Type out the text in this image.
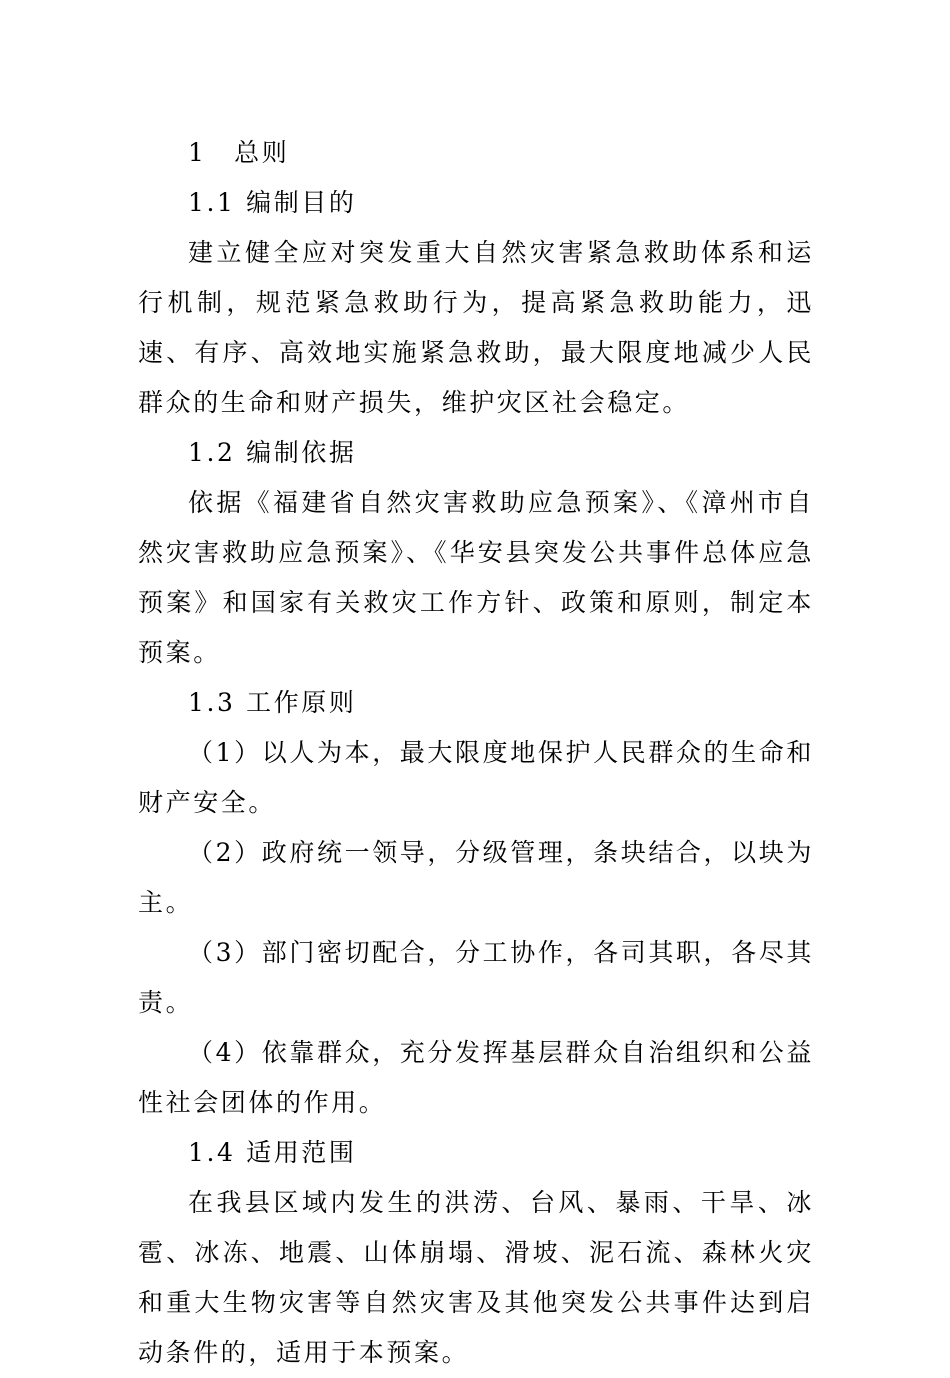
1　总则

1.1 编制目的

建立健全应对突发重大自然灾害紧急救助体系和运行机制，规范紧急救助行为，提高紧急救助能力，迅速、有序、高效地实施紧急救助，最大限度地减少人民群众的生命和财产损失，维护灾区社会稳定。

1.2 编制依据

依据《福建省自然灾害救助应急预案》、《漳州市自然灾害救助应急预案》、《华安县突发公共事件总体应急预案》和国家有关救灾工作方针、政策和原则，制定本预案。

1.3 工作原则

（1）以人为本，最大限度地保护人民群众的生命和财产安全。

（2）政府统一领导，分级管理，条块结合，以块为主。

（3）部门密切配合，分工协作，各司其职，各尽其责。

（4）依靠群众，充分发挥基层群众自治组织和公益性社会团体的作用。

1.4 适用范围

在我县区域内发生的洪涝、台风、暴雨、干旱、冰雹、冰冻、地震、山体崩塌、滑坡、泥石流、森林火灾和重大生物灾害等自然灾害及其他突发公共事件达到启动条件的，适用于本预案。
